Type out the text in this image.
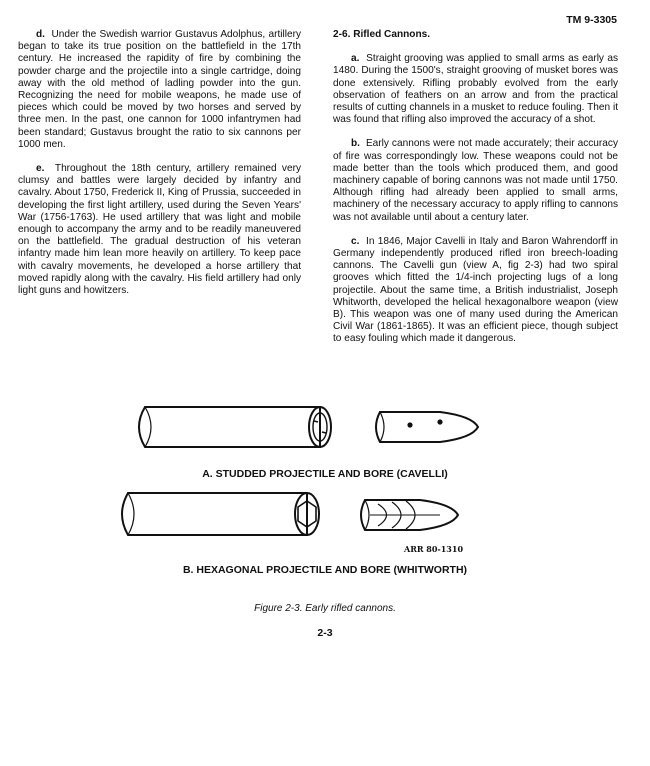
TM 9-3305

d. Under the Swedish warrior Gustavus Adolphus, artillery began to take its true position on the battlefield in the 17th century. He increased the rapidity of fire by combining the powder charge and the projectile into a single cartridge, doing away with the old method of ladling powder into the gun. Recognizing the need for mobile weapons, he made use of pieces which could be moved by two horses and served by three men. In the past, one cannon for 1000 infantrymen had been standard; Gustavus brought the ratio to six cannons per 1000 men.

e. Throughout the 18th century, artillery remained very clumsy and battles were largely decided by infantry and cavalry. About 1750, Frederick II, King of Prussia, succeeded in developing the first light artillery, used during the Seven Years' War (1756-1763). He used artillery that was light and mobile enough to accompany the army and to be readily maneuvered on the battlefield. The gradual destruction of his veteran infantry made him lean more heavily on artillery. To keep pace with cavalry movements, he developed a horse artillery that moved rapidly along with the cavalry. His field artillery had only light guns and howitzers.

2-6. Rifled Cannons.

a. Straight grooving was applied to small arms as early as 1480. During the 1500's, straight grooving of musket bores was done extensively. Rifling probably evolved from the early observation of feathers on an arrow and from the practical results of cutting channels in a musket to reduce fouling. Then it was found that rifling also improved the accuracy of a shot.

b. Early cannons were not made accurately; their accuracy of fire was correspondingly low. These weapons could not be made better than the tools which produced them, and good machinery capable of boring cannons was not made until 1750. Although rifling had already been applied to small arms, machinery of the necessary accuracy to apply rifling to cannons was not available until about a century later.

c. In 1846, Major Cavelli in Italy and Baron Wahrendorff in Germany independently produced rifled iron breech-loading cannons. The Cavelli gun (view A, fig 2-3) had two spiral grooves which fitted the 1/4-inch projecting lugs of a long projectile. About the same time, a British industrialist, Joseph Whitworth, developed the helical hexagonalbore weapon (view B). This weapon was one of many used during the American Civil War (1861-1865). It was an efficient piece, though subject to easy fouling which made it dangerous.

A. STUDDED PROJECTILE AND BORE (CAVELLI)
ARR 80-1310
B. HEXAGONAL PROJECTILE AND BORE (WHITWORTH)
Figure 2-3. Early rifled cannons.
2-3
